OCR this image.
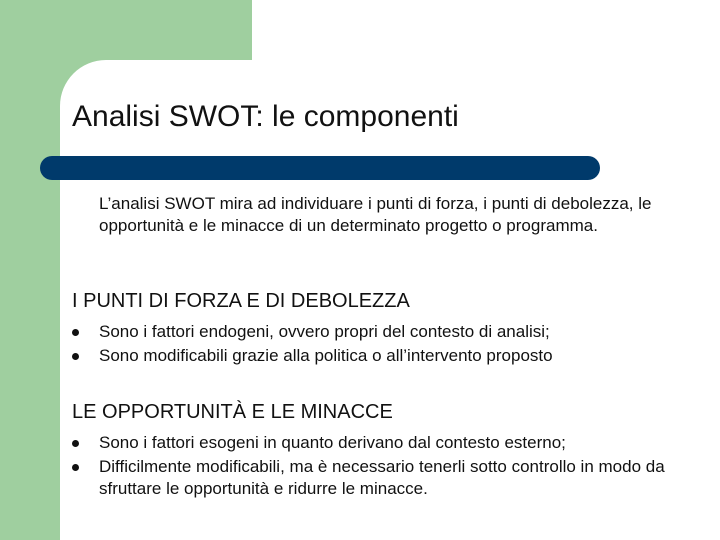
Analisi SWOT: le componenti

L’analisi SWOT mira ad individuare i punti di forza, i punti di debolezza, le opportunità e le minacce di un determinato progetto o programma.

I PUNTI DI FORZA E DI DEBOLEZZA
Sono i fattori endogeni, ovvero propri del contesto di analisi;
Sono modificabili grazie alla politica o all’intervento proposto
LE OPPORTUNITÀ E LE MINACCE
Sono i fattori esogeni in quanto derivano dal contesto esterno;
Difficilmente modificabili, ma è necessario tenerli sotto controllo in modo da sfruttare le opportunità e ridurre le minacce.
